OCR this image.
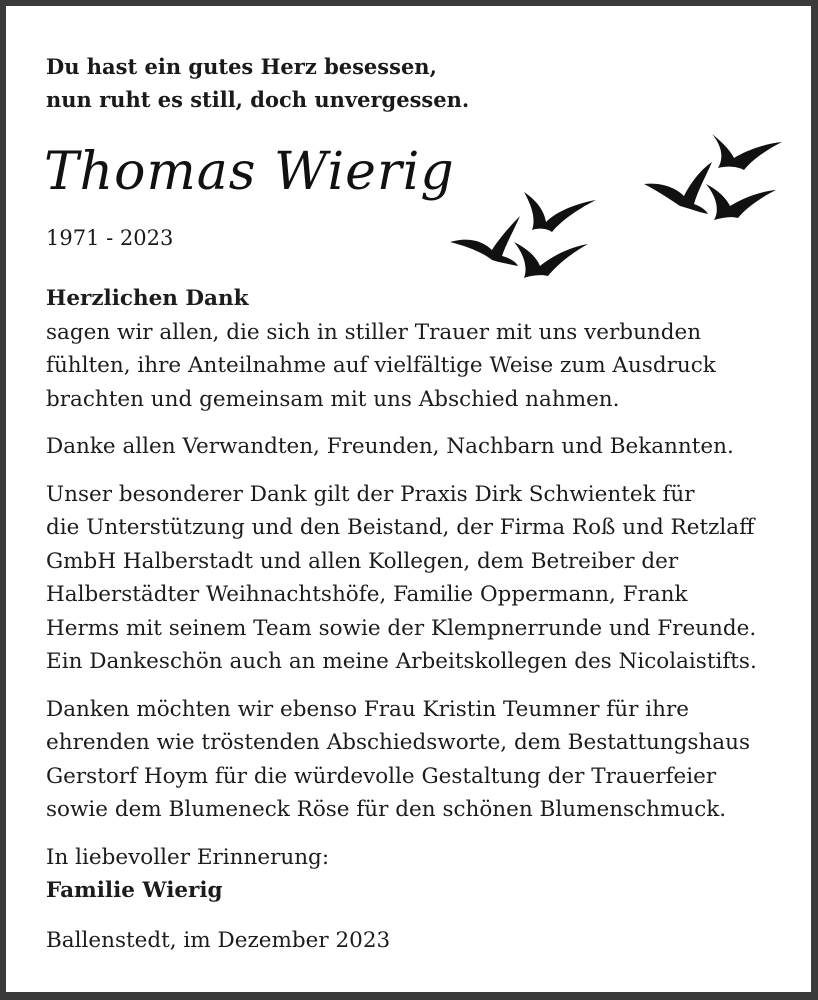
Du hast ein gutes Herz besessen,
nun ruht es still, doch unvergessen.
Thomas Wierig
1971 - 2023
Herzlichen Dank

sagen wir allen, die sich in stiller Trauer mit uns verbunden
fühlten, ihre Anteilnahme auf vielfältige Weise zum Ausdruck
brachten und gemeinsam mit uns Abschied nahmen.

Danke allen Verwandten, Freunden, Nachbarn und Bekannten.

Unser besonderer Dank gilt der Praxis Dirk Schwientek für
die Unterstützung und den Beistand, der Firma Roß und Retzlaff
GmbH Halberstadt und allen Kollegen, dem Betreiber der
Halberstädter Weihnachtshöfe, Familie Oppermann, Frank
Herms mit seinem Team sowie der Klempnerrunde und Freunde.
Ein Dankeschön auch an meine Arbeitskollegen des Nicolaistifts.

Danken möchten wir ebenso Frau Kristin Teumner für ihre
ehrenden wie tröstenden Abschiedsworte, dem Bestattungshaus
Gerstorf Hoym für die würdevolle Gestaltung der Trauerfeier
sowie dem Blumeneck Röse für den schönen Blumenschmuck.

In liebevoller Erinnerung:
Familie Wierig
Ballenstedt, im Dezember 2023
